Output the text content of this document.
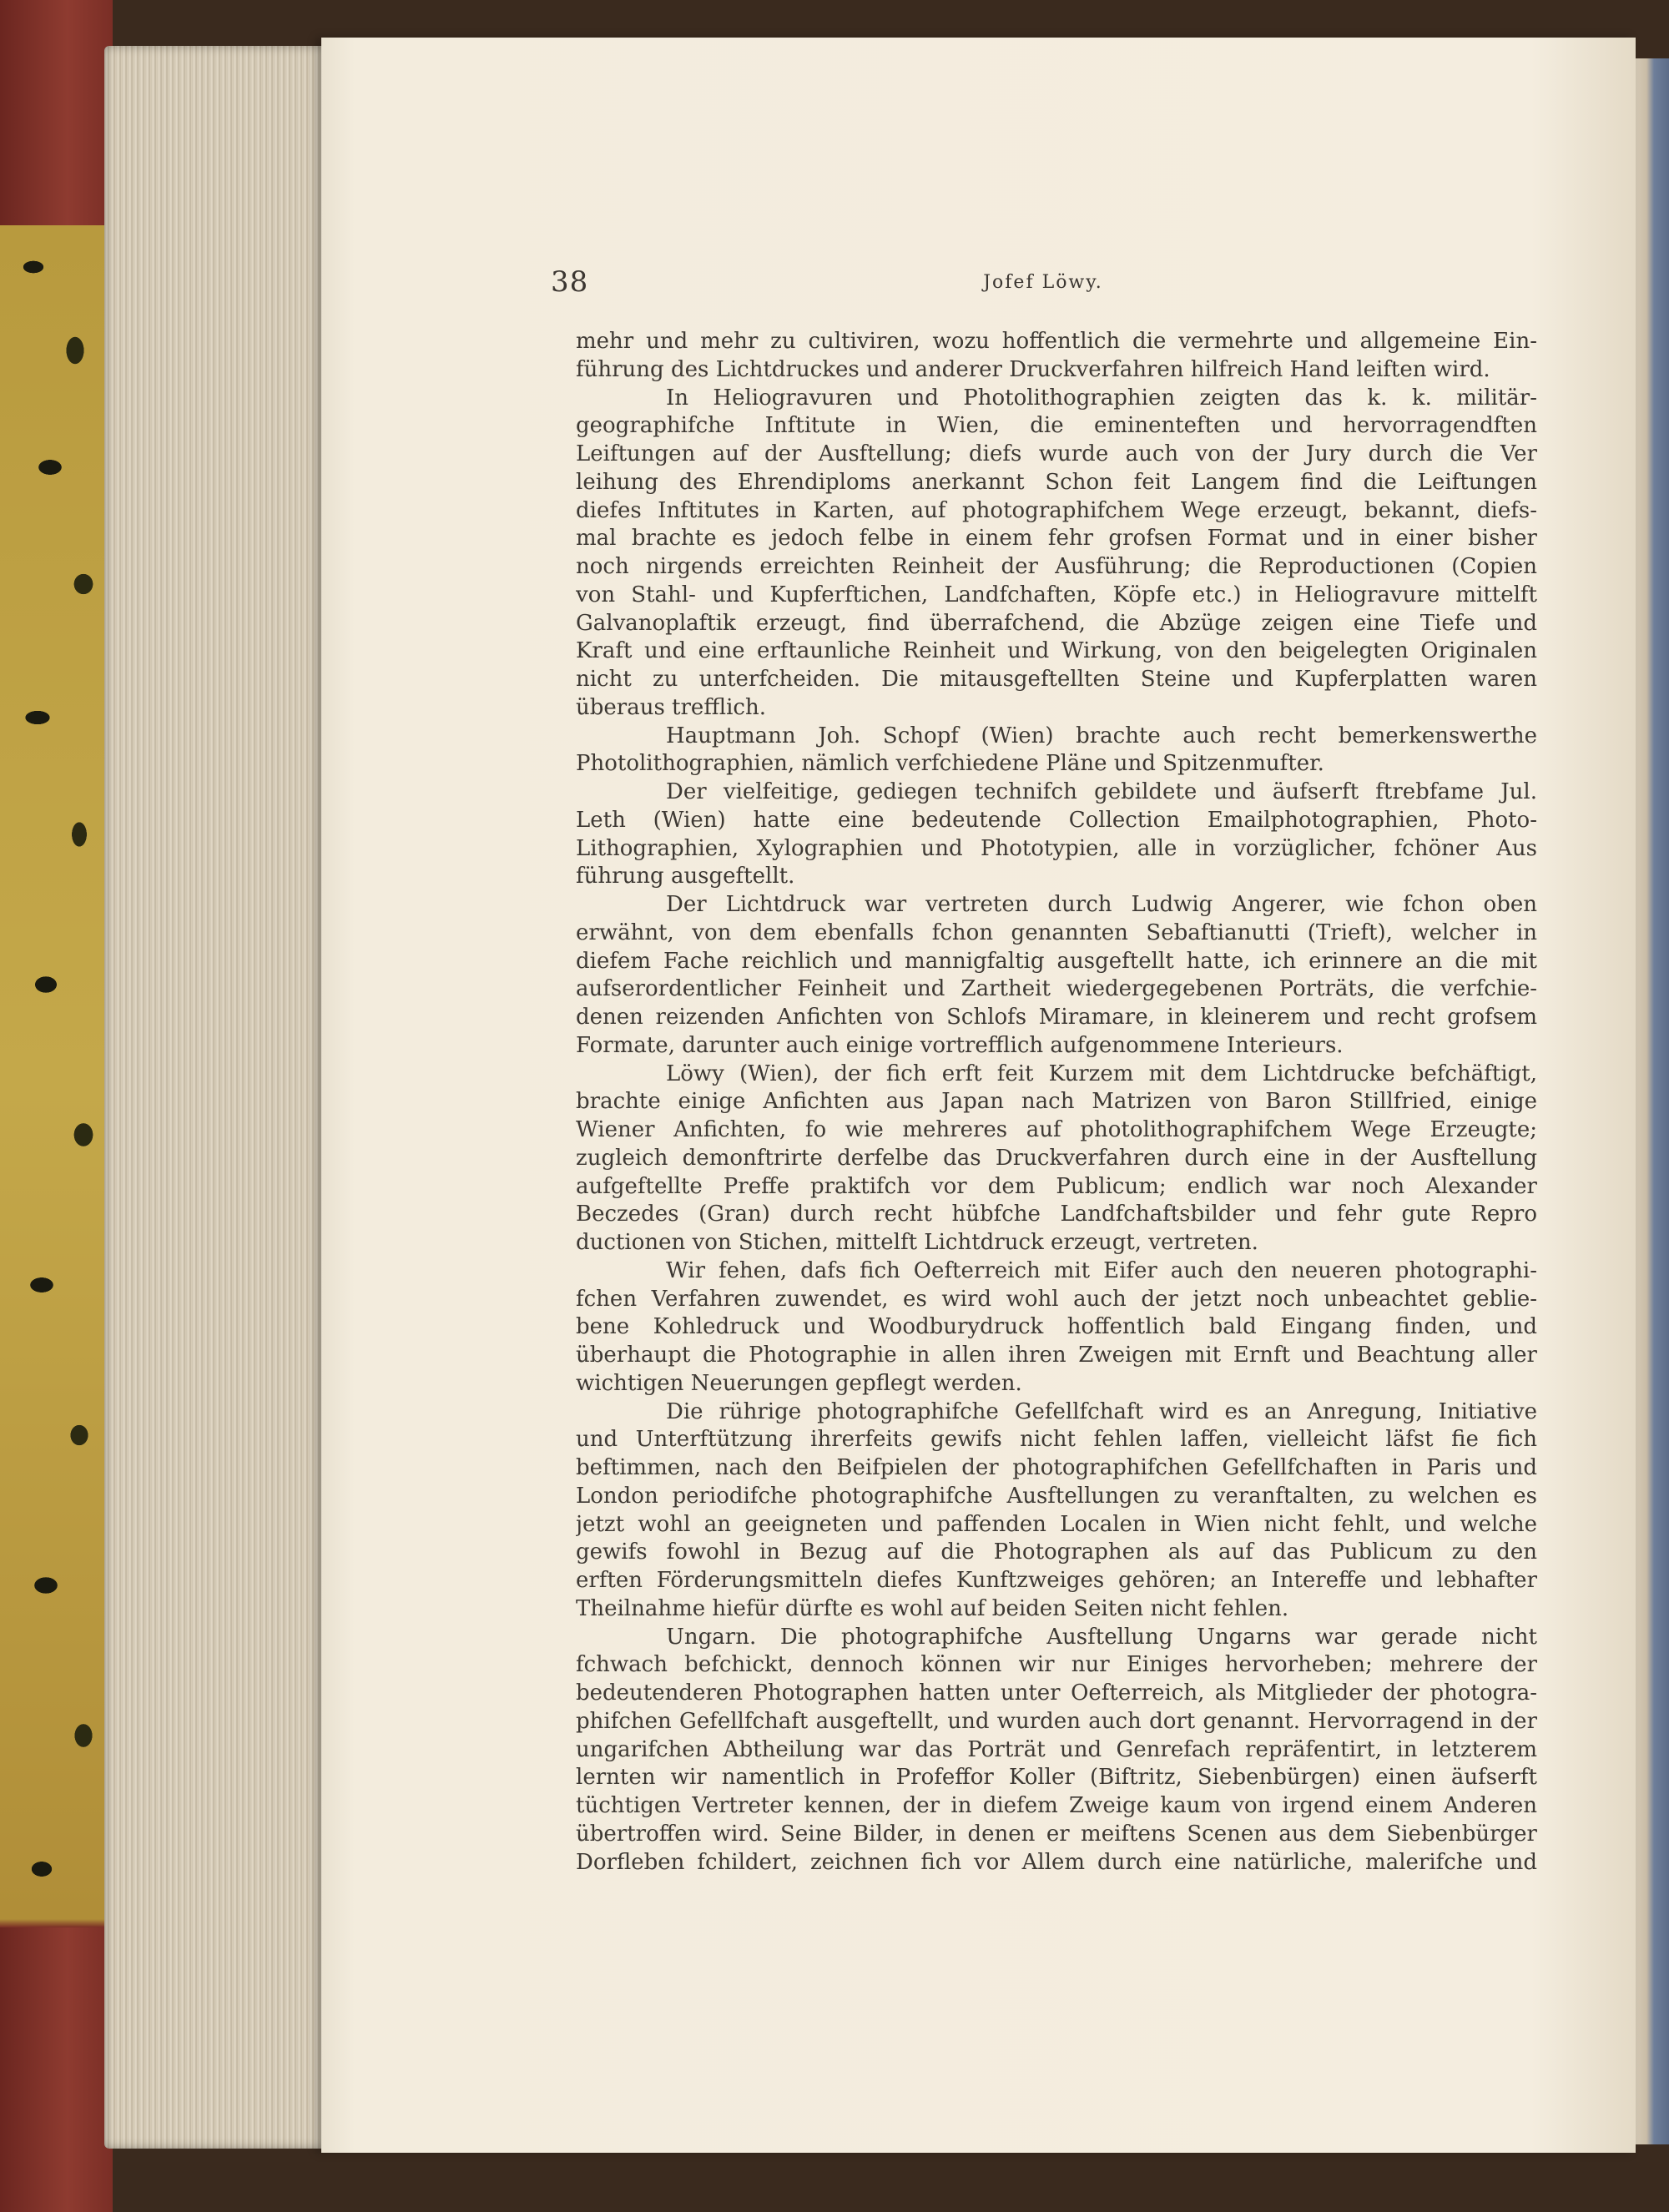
38	Jofef Löwy.
mehr und mehr zu cultiviren, wozu hoffentlich die vermehrte und allgemeine Ein-
führung des Lichtdruckes und anderer Druckverfahren hilfreich Hand leiften wird.
In Heliogravuren und Photolithographien zeigten das k. k. militär-
geographifche Inftitute in Wien, die eminenteften und hervorragendften
Leiftungen auf der Ausftellung; diefs wurde auch von der Jury durch die Ver
leihung des Ehrendiploms anerkannt Schon feit Langem find die Leiftungen
diefes Inftitutes in Karten, auf photographifchem Wege erzeugt, bekannt, diefs-
mal brachte es jedoch felbe in einem fehr grofsen Format und in einer bisher
noch nirgends erreichten Reinheit der Ausführung; die Reproductionen (Copien
von Stahl- und Kupferftichen, Landfchaften, Köpfe etc.) in Heliogravure mittelft
Galvanoplaftik erzeugt, find überrafchend, die Abzüge zeigen eine Tiefe und
Kraft und eine erftaunliche Reinheit und Wirkung, von den beigelegten Originalen
nicht zu unterfcheiden. Die mitausgeftellten Steine und Kupferplatten waren
überaus trefflich.
Hauptmann Joh. Schopf (Wien) brachte auch recht bemerkenswerthe
Photolithographien, nämlich verfchiedene Pläne und Spitzenmufter.
Der vielfeitige, gediegen technifch gebildete und äufserft ftrebfame Jul.
Leth (Wien) hatte eine bedeutende Collection Emailphotographien, Photo-
Lithographien, Xylographien und Phototypien, alle in vorzüglicher, fchöner Aus
führung ausgeftellt.
Der Lichtdruck war vertreten durch Ludwig Angerer, wie fchon oben
erwähnt, von dem ebenfalls fchon genannten Sebaftianutti (Trieft), welcher in
diefem Fache reichlich und mannigfaltig ausgeftellt hatte, ich erinnere an die mit
aufserordentlicher Feinheit und Zartheit wiedergegebenen Porträts, die verfchie-
denen reizenden Anfichten von Schlofs Miramare, in kleinerem und recht grofsem
Formate, darunter auch einige vortrefflich aufgenommene Interieurs.
Löwy (Wien), der fich erft feit Kurzem mit dem Lichtdrucke befchäftigt,
brachte einige Anfichten aus Japan nach Matrizen von Baron Stillfried, einige
Wiener Anfichten, fo wie mehreres auf photolithographifchem Wege Erzeugte;
zugleich demonftrirte derfelbe das Druckverfahren durch eine in der Ausftellung
aufgeftellte Preffe praktifch vor dem Publicum; endlich war noch Alexander
Beczedes (Gran) durch recht hübfche Landfchaftsbilder und fehr gute Repro
ductionen von Stichen, mittelft Lichtdruck erzeugt, vertreten.
Wir fehen, dafs fich Oefterreich mit Eifer auch den neueren photographi-
fchen Verfahren zuwendet, es wird wohl auch der jetzt noch unbeachtet geblie-
bene Kohledruck und Woodburydruck hoffentlich bald Eingang finden, und
überhaupt die Photographie in allen ihren Zweigen mit Ernft und Beachtung aller
wichtigen Neuerungen gepflegt werden.
Die rührige photographifche Gefellfchaft wird es an Anregung, Initiative
und Unterftützung ihrerfeits gewifs nicht fehlen laffen, vielleicht läfst fie fich
beftimmen, nach den Beifpielen der photographifchen Gefellfchaften in Paris und
London periodifche photographifche Ausftellungen zu veranftalten, zu welchen es
jetzt wohl an geeigneten und paffenden Localen in Wien nicht fehlt, und welche
gewifs fowohl in Bezug auf die Photographen als auf das Publicum zu den
erften Förderungsmitteln diefes Kunftzweiges gehören; an Intereffe und lebhafter
Theilnahme hiefür dürfte es wohl auf beiden Seiten nicht fehlen.
Ungarn. Die photographifche Ausftellung Ungarns war gerade nicht
fchwach befchickt, dennoch können wir nur Einiges hervorheben; mehrere der
bedeutenderen Photographen hatten unter Oefterreich, als Mitglieder der photogra-
phifchen Gefellfchaft ausgeftellt, und wurden auch dort genannt. Hervorragend in der
ungarifchen Abtheilung war das Porträt und Genrefach repräfentirt, in letzterem
lernten wir namentlich in Profeffor Koller (Biftritz, Siebenbürgen) einen äufserft
tüchtigen Vertreter kennen, der in diefem Zweige kaum von irgend einem Anderen
übertroffen wird. Seine Bilder, in denen er meiftens Scenen aus dem Siebenbürger
Dorfleben fchildert, zeichnen fich vor Allem durch eine natürliche, malerifche und
